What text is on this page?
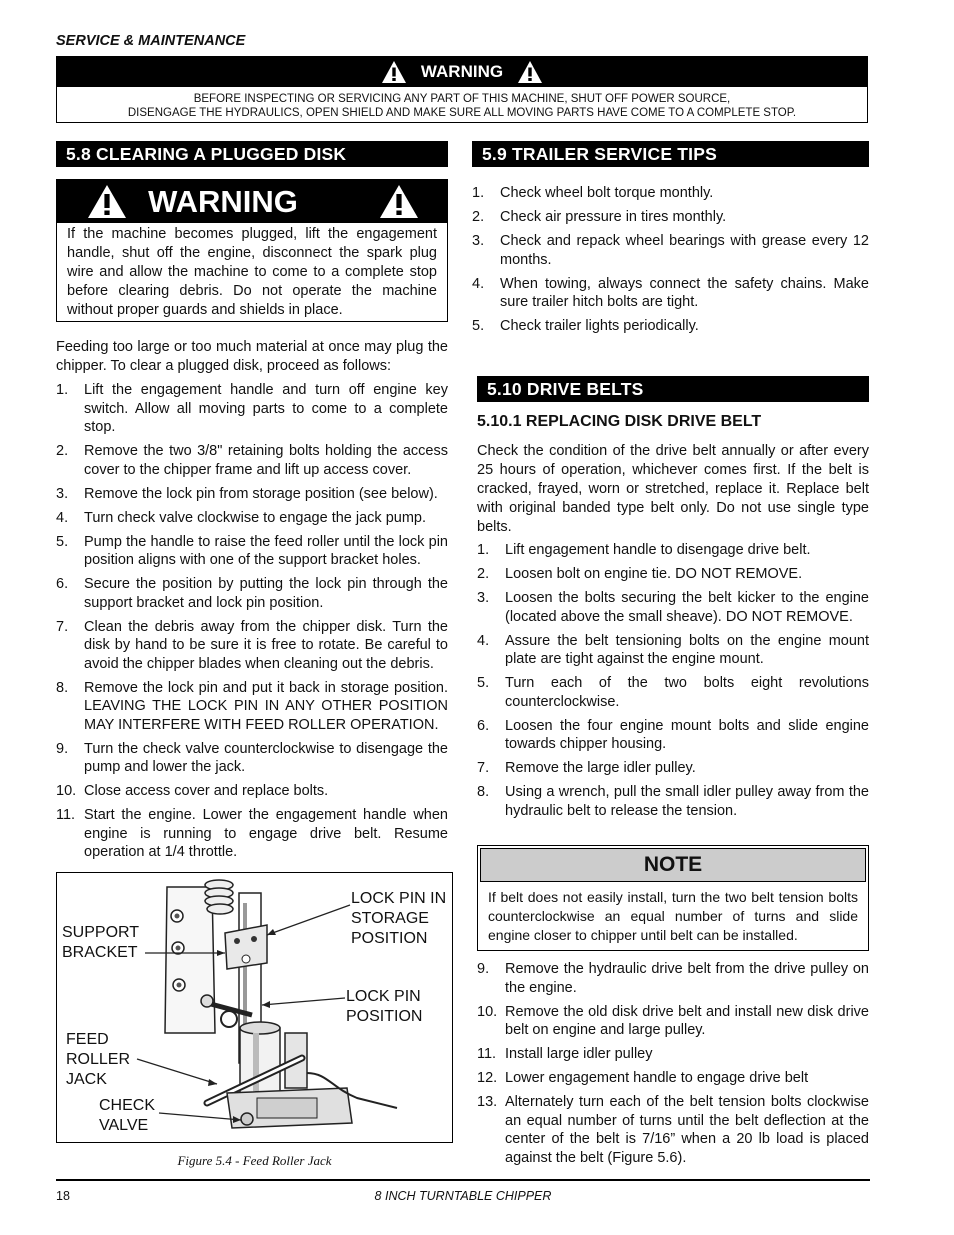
SERVICE & MAINTENANCE
WARNING
BEFORE INSPECTING OR SERVICING ANY PART OF THIS MACHINE, SHUT OFF POWER SOURCE,
DISENGAGE THE HYDRAULICS, OPEN SHIELD AND MAKE SURE ALL MOVING PARTS HAVE COME TO A COMPLETE STOP.
5.8 CLEARING A PLUGGED DISK
WARNING
If the machine becomes plugged, lift the engagement handle, shut off the engine, disconnect the spark plug wire and allow the machine to come to a complete stop before clearing debris. Do not operate the machine without proper guards and shields in place.

Feeding too large or too much material at once may plug the chipper. To clear a plugged disk, proceed as follows:

1. Lift the engagement handle and turn off engine key switch. Allow all moving parts to come to a complete stop.
2. Remove the two 3/8" retaining bolts holding the access cover to the chipper frame and lift up access cover.
3. Remove the lock pin from storage position (see below).
4. Turn check valve clockwise to engage the jack pump.
5. Pump the handle to raise the feed roller until the lock pin position aligns with one of the support bracket holes.
6. Secure the position by putting the lock pin through the support bracket and lock pin position.
7. Clean the debris away from the chipper disk. Turn the disk by hand to be sure it is free to rotate. Be careful to avoid the chipper blades when cleaning out the debris.
8. Remove the lock pin and put it back in storage position. LEAVING THE LOCK PIN IN ANY OTHER POSITION MAY INTERFERE WITH FEED ROLLER OPERATION.
9. Turn the check valve counterclockwise to disengage the pump and lower the jack.
10. Close access cover and replace bolts.
11. Start the engine. Lower the engagement handle when engine is running to engage drive belt. Resume operation at 1/4 throttle.
SUPPORT
BRACKET
LOCK PIN IN
STORAGE
POSITION
LOCK PIN
POSITION
FEED
ROLLER
JACK
CHECK
VALVE
Figure 5.4 - Feed Roller Jack
5.9 TRAILER SERVICE TIPS
1. Check wheel bolt torque monthly.
2. Check air pressure in tires monthly.
3. Check and repack wheel bearings with grease every 12 months.
4. When towing, always connect the safety chains. Make sure trailer hitch bolts are tight.
5. Check trailer lights periodically.
5.10 DRIVE BELTS
5.10.1 REPLACING DISK DRIVE BELT

Check the condition of the drive belt annually or after every 25 hours of operation, whichever comes first. If the belt is cracked, frayed, worn or stretched, replace it. Replace belt with original banded type belt only. Do not use single type belts.

1. Lift engagement handle to disengage drive belt.
2. Loosen bolt on engine tie. DO NOT REMOVE.
3. Loosen the bolts securing the belt kicker to the engine (located above the small sheave). DO NOT REMOVE.
4. Assure the belt tensioning bolts on the engine mount plate are tight against the engine mount.
5. Turn each of the two bolts eight revolutions counterclockwise.
6. Loosen the four engine mount bolts and slide engine towards chipper housing.
7. Remove the large idler pulley.
8. Using a wrench, pull the small idler pulley away from the hydraulic belt to release the tension.
NOTE
If belt does not easily install, turn the two belt tension bolts counterclockwise an equal number of turns and slide engine closer to chipper until belt can be installed.
9. Remove the hydraulic drive belt from the drive pulley on the engine.
10. Remove the old disk drive belt and install new disk drive belt on engine and large pulley.
11. Install large idler pulley
12. Lower engagement handle to engage drive belt
13. Alternately turn each of the belt tension bolts clockwise an equal number of turns until the belt deflection at the center of the belt is 7/16” when a 20 lb load is placed against the belt (Figure 5.6).
18	8 INCH TURNTABLE CHIPPER
